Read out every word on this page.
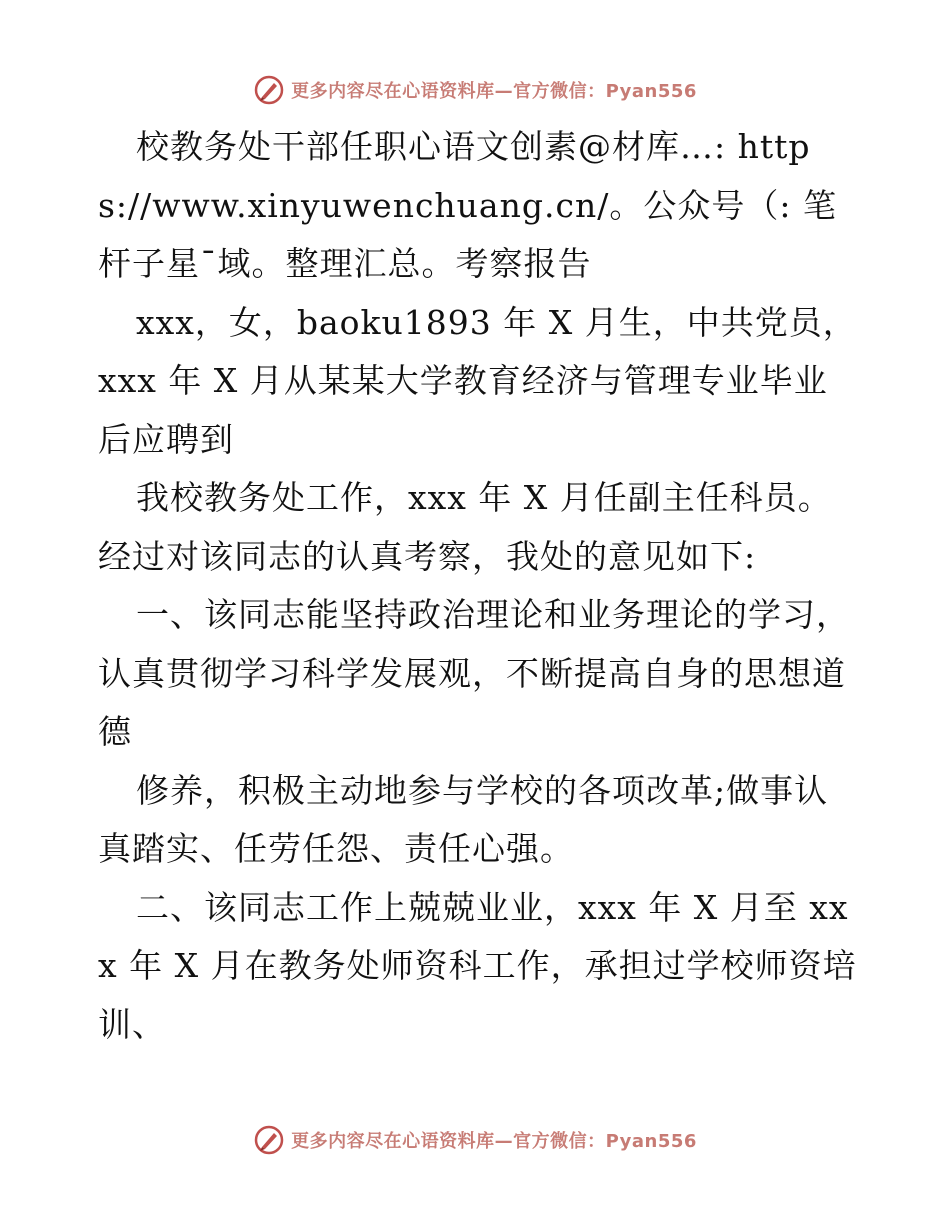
更多内容尽在心语资料库—官方微信：Pyan556

校教务处干部任职心语文创素@材库…: https://www.xinyuwenchuang.cn/。公众号（: 笔杆子星¯域。整理汇总。考察报告

xxx，女，baoku1893 年 X 月生，中共党员，xxx 年 X 月从某某大学教育经济与管理专业毕业后应聘到

我校教务处工作，xxx 年 X 月任副主任科员。经过对该同志的认真考察，我处的意见如下:

一、该同志能坚持政治理论和业务理论的学习，认真贯彻学习科学发展观，不断提高自身的思想道德

修养，积极主动地参与学校的各项改革;做事认真踏实、任劳任怨、责任心强。

二、该同志工作上兢兢业业，xxx 年 X 月至 xxx 年 X 月在教务处师资科工作，承担过学校师资培训、

更多内容尽在心语资料库—官方微信：Pyan556
